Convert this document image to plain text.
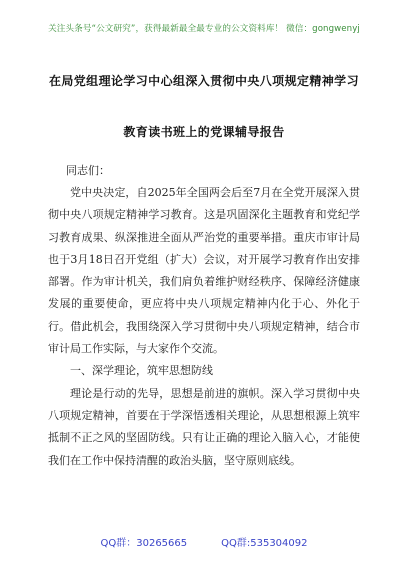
关注头条号“公文研究”，获得最新最全最专业的公文资料库！ 微信：gongwenyj
在局党组理论学习中心组深入贯彻中央八项规定精神学习
教育读书班上的党课辅导报告
同志们：

党中央决定，自2025年全国两会后至7月在全党开展深入贯彻中央八项规定精神学习教育。这是巩固深化主题教育和党纪学习教育成果、纵深推进全面从严治党的重要举措。重庆市审计局也于3月18日召开党组（扩大）会议，对开展学习教育作出安排部署。作为审计机关，我们肩负着维护财经秩序、保障经济健康发展的重要使命，更应将中央八项规定精神内化于心、外化于行。借此机会，我围绕深入学习贯彻中央八项规定精神，结合市审计局工作实际，与大家作个交流。

一、深学理论，筑牢思想防线

理论是行动的先导，思想是前进的旗帜。深入学习贯彻中央八项规定精神，首要在于学深悟透相关理论，从思想根源上筑牢抵制不正之风的坚固防线。只有让正确的理论入脑入心，才能使我们在工作中保持清醒的政治头脑，坚守原则底线。

QQ群：30265665	QQ群:535304092
